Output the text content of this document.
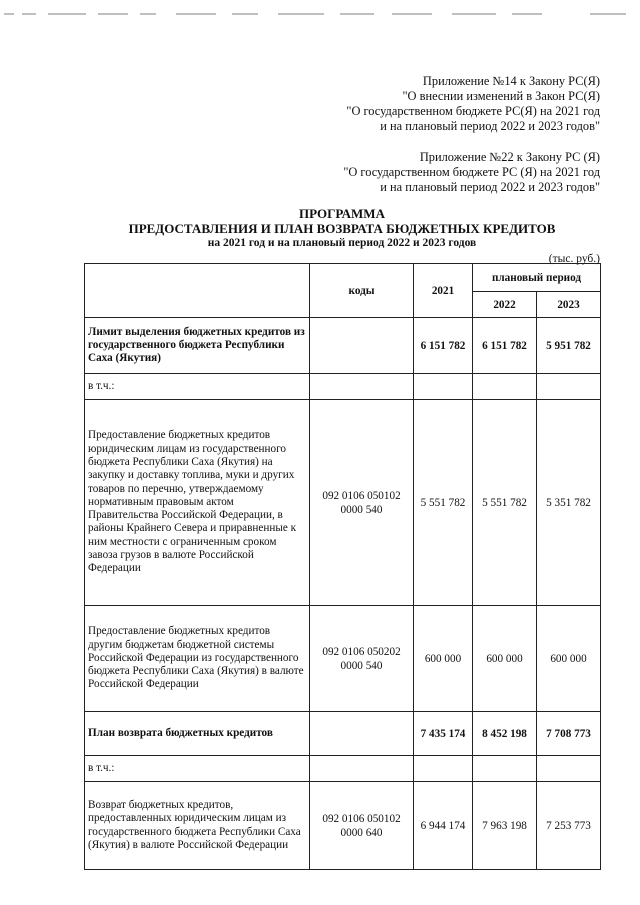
Приложение №14 к Закону РС(Я)
"О внеснии изменений в Закон РС(Я)
"О государственном бюджете РС(Я) на 2021 год
и на плановый период 2022 и 2023 годов"
Приложение №22 к Закону РС (Я)
"О государственном бюджете РС (Я) на 2021 год
и на плановый период 2022 и 2023 годов"
ПРОГРАММА
ПРЕДОСТАВЛЕНИЯ И ПЛАН ВОЗВРАТА БЮДЖЕТНЫХ КРЕДИТОВ
на 2021 год и на плановый период 2022 и 2023 годов
(тыс. руб.)
	коды	2021	плановый период	
			2022	2023
Лимит выделения бюджетных кредитов из государственного бюджета Республики Саха (Якутия)		6 151 782	6 151 782	5 951 782
в т.ч.:				
Предоставление бюджетных кредитов юридическим лицам из государственного бюджета Республики Саха (Якутия) на закупку и доставку топлива, муки и других товаров по перечню, утверждаемому нормативным правовым актом Правительства Российской Федерации, в районы Крайнего Севера и приравненные к ним местности с ограниченным сроком завоза грузов в валюте Российской Федерации	092 0106 050102 0000 540	5 551 782	5 551 782	5 351 782
Предоставление бюджетных кредитов другим бюджетам бюджетной системы Российской Федерации из государственного бюджета Республики Саха (Якутия) в валюте Российской Федерации	092 0106 050202 0000 540	600 000	600 000	600 000
План возврата бюджетных кредитов		7 435 174	8 452 198	7 708 773
в т.ч.:				
Возврат бюджетных кредитов, предоставленных юридическим лицам из государственного бюджета Республики Саха (Якутия) в валюте Российской Федерации	092 0106 050102 0000 640	6 944 174	7 963 198	7 253 773
